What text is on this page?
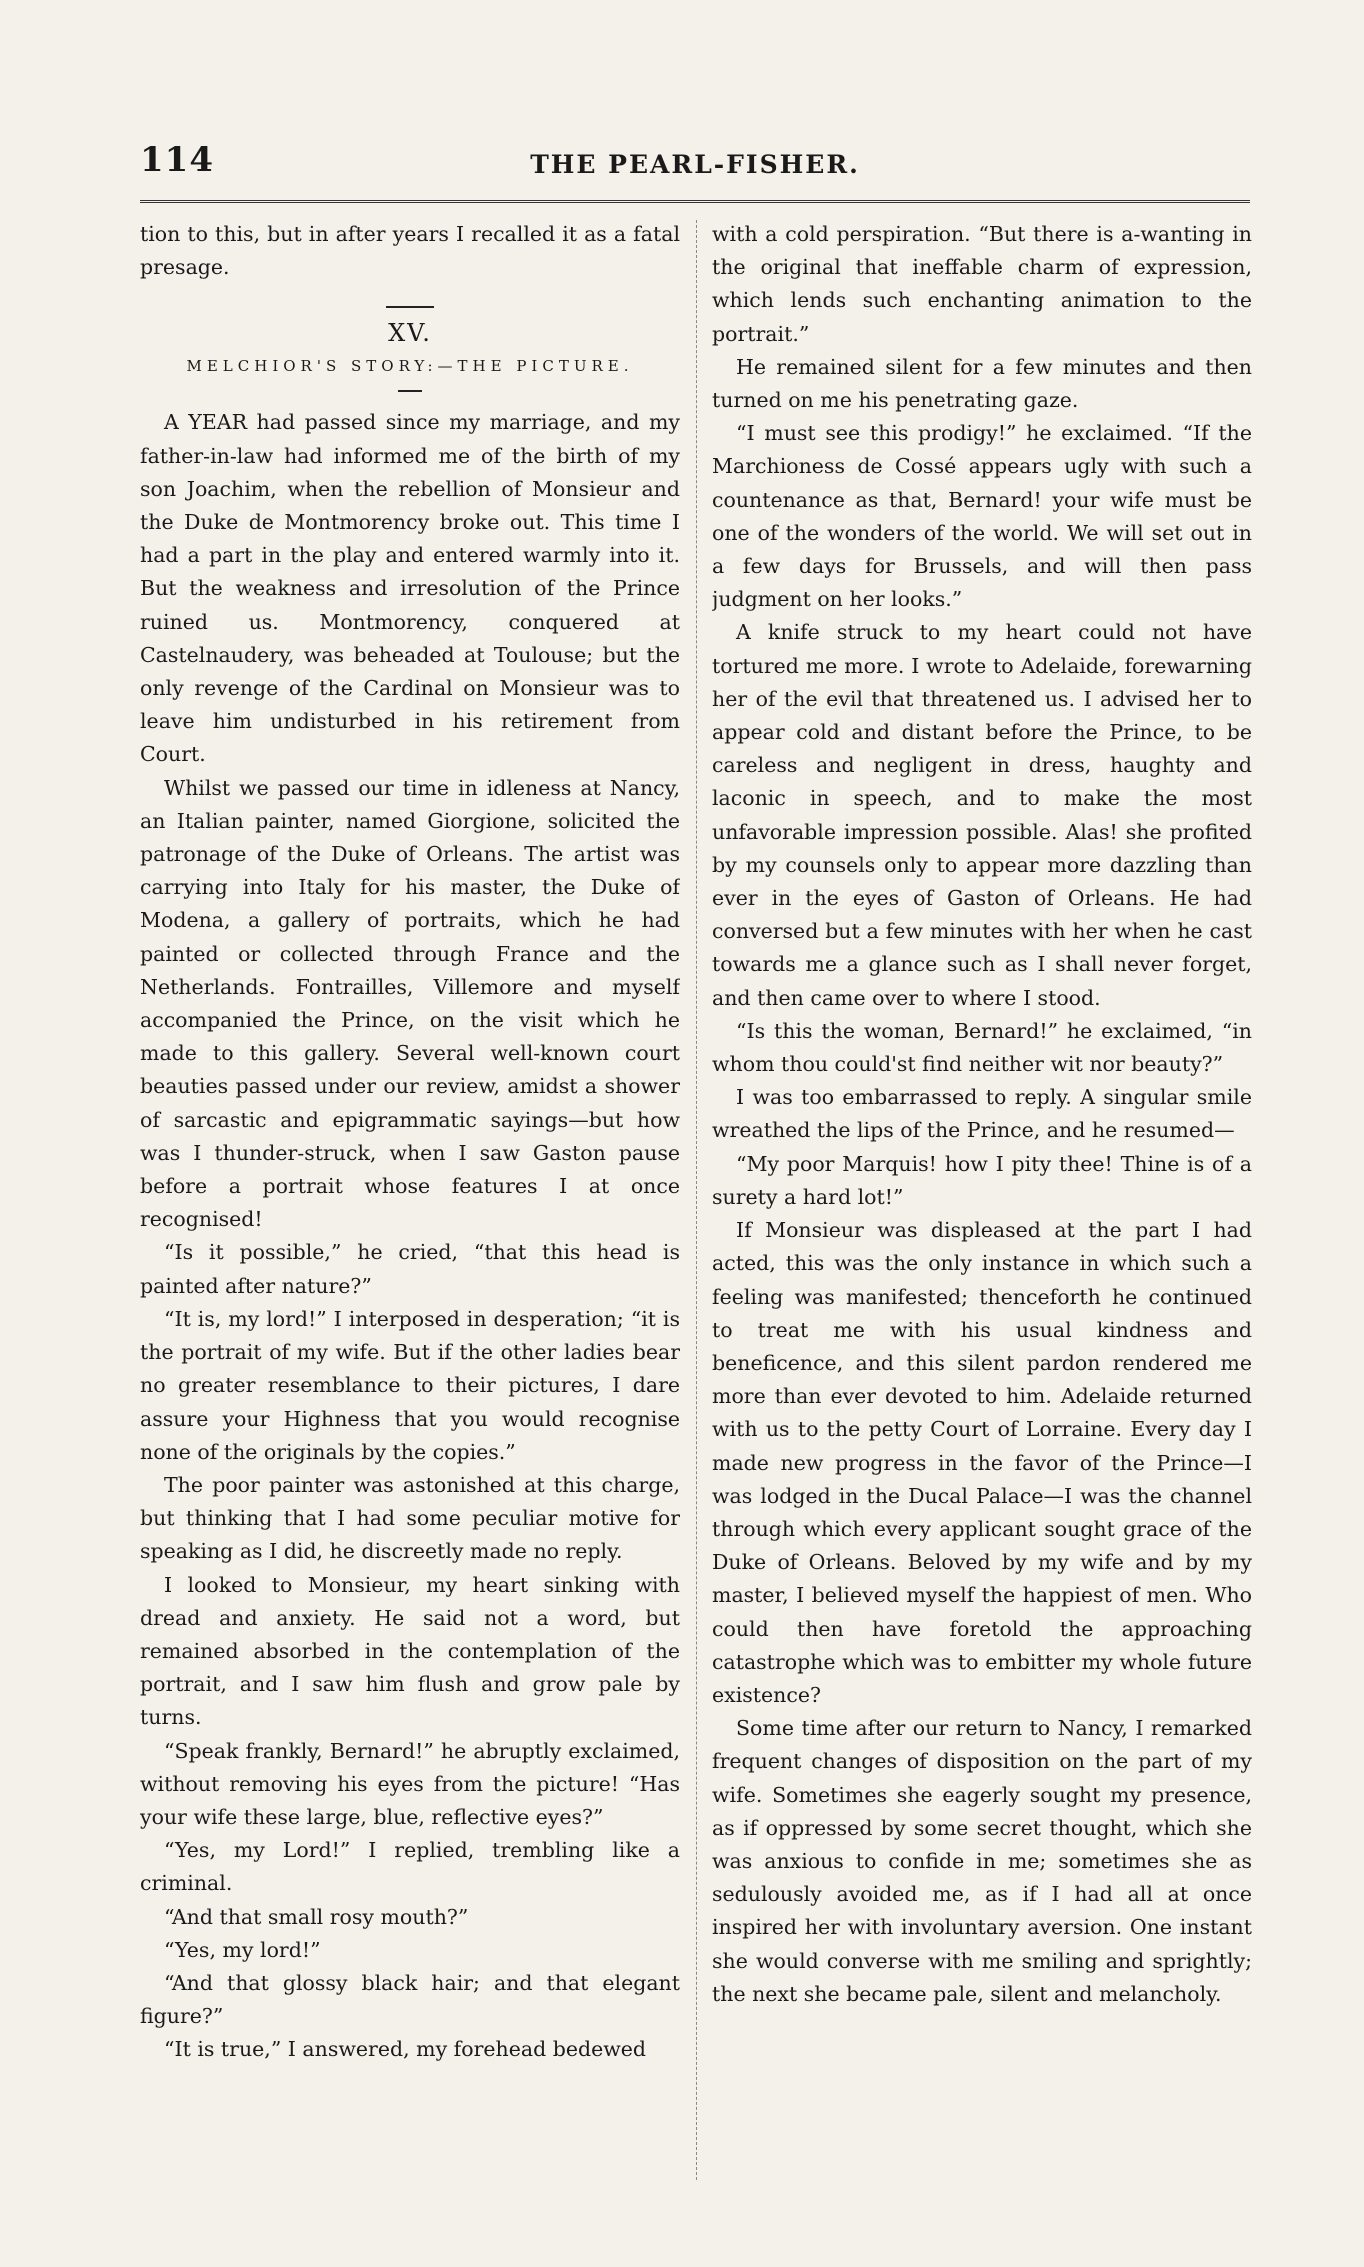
114	THE PEARL-FISHER.

tion to this, but in after years I recalled it as a fatal presage.

XV.
MELCHIOR'S STORY:—THE PICTURE.

A YEAR had passed since my marriage, and my father-in-law had informed me of the birth of my son Joachim, when the rebellion of Monsieur and the Duke de Montmorency broke out. This time I had a part in the play and entered warmly into it. But the weakness and irresolution of the Prince ruined us. Montmorency, conquered at Castelnaudery, was beheaded at Toulouse; but the only revenge of the Cardinal on Monsieur was to leave him undisturbed in his retirement from Court.

Whilst we passed our time in idleness at Nancy, an Italian painter, named Giorgione, solicited the patronage of the Duke of Orleans. The artist was carrying into Italy for his master, the Duke of Modena, a gallery of portraits, which he had painted or collected through France and the Netherlands. Fontrailles, Villemore and myself accompanied the Prince, on the visit which he made to this gallery. Several well-known court beauties passed under our review, amidst a shower of sarcastic and epigrammatic sayings—but how was I thunder-struck, when I saw Gaston pause before a portrait whose features I at once recognised!

“Is it possible,” he cried, “that this head is painted after nature?”

“It is, my lord!” I interposed in desperation; “it is the portrait of my wife. But if the other ladies bear no greater resemblance to their pictures, I dare assure your Highness that you would recognise none of the originals by the copies.”

The poor painter was astonished at this charge, but thinking that I had some peculiar motive for speaking as I did, he discreetly made no reply.

I looked to Monsieur, my heart sinking with dread and anxiety. He said not a word, but remained absorbed in the contemplation of the portrait, and I saw him flush and grow pale by turns.

“Speak frankly, Bernard!” he abruptly exclaimed, without removing his eyes from the picture! “Has your wife these large, blue, reflective eyes?”

“Yes, my Lord!” I replied, trembling like a criminal.

“And that small rosy mouth?”

“Yes, my lord!”

“And that glossy black hair; and that elegant figure?”

“It is true,” I answered, my forehead bedewed

with a cold perspiration. “But there is a-wanting in the original that ineffable charm of expression, which lends such enchanting animation to the portrait.”

He remained silent for a few minutes and then turned on me his penetrating gaze.

“I must see this prodigy!” he exclaimed. “If the Marchioness de Cossé appears ugly with such a countenance as that, Bernard! your wife must be one of the wonders of the world. We will set out in a few days for Brussels, and will then pass judgment on her looks.”

A knife struck to my heart could not have tortured me more. I wrote to Adelaide, forewarning her of the evil that threatened us. I advised her to appear cold and distant before the Prince, to be careless and negligent in dress, haughty and laconic in speech, and to make the most unfavorable impression possible. Alas! she profited by my counsels only to appear more dazzling than ever in the eyes of Gaston of Orleans. He had conversed but a few minutes with her when he cast towards me a glance such as I shall never forget, and then came over to where I stood.

“Is this the woman, Bernard!” he exclaimed, “in whom thou could'st find neither wit nor beauty?”

I was too embarrassed to reply. A singular smile wreathed the lips of the Prince, and he resumed—

“My poor Marquis! how I pity thee! Thine is of a surety a hard lot!”

If Monsieur was displeased at the part I had acted, this was the only instance in which such a feeling was manifested; thenceforth he continued to treat me with his usual kindness and beneficence, and this silent pardon rendered me more than ever devoted to him. Adelaide returned with us to the petty Court of Lorraine. Every day I made new progress in the favor of the Prince—I was lodged in the Ducal Palace—I was the channel through which every applicant sought grace of the Duke of Orleans. Beloved by my wife and by my master, I believed myself the happiest of men. Who could then have foretold the approaching catastrophe which was to embitter my whole future existence?

Some time after our return to Nancy, I remarked frequent changes of disposition on the part of my wife. Sometimes she eagerly sought my presence, as if oppressed by some secret thought, which she was anxious to confide in me; sometimes she as sedulously avoided me, as if I had all at once inspired her with involuntary aversion. One instant she would converse with me smiling and sprightly; the next she became pale, silent and melancholy.
